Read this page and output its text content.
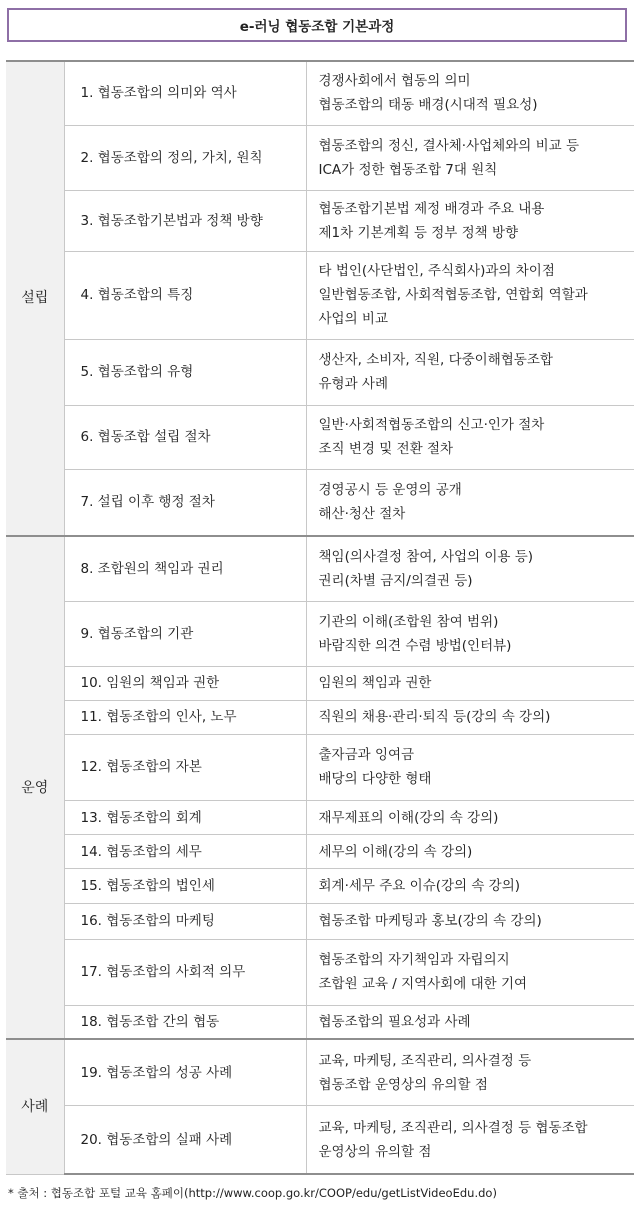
e-러닝 협동조합 기본과정
설립	1. 협동조합의 의미와 역사	경쟁사회에서 협동의 의미
협동조합의 태동 배경(시대적 필요성)

	2. 협동조합의 정의, 가치, 원칙	협동조합의 정신, 결사체·사업체와의 비교 등
ICA가 정한 협동조합 7대 원칙

	3. 협동조합기본법과 정책 방향	협동조합기본법 제정 배경과 주요 내용
제1차 기본계획 등 정부 정책 방향

	4. 협동조합의 특징	타 법인(사단법인, 주식회사)과의 차이점
일반협동조합, 사회적협동조합, 연합회 역할과
사업의 비교

	5. 협동조합의 유형	생산자, 소비자, 직원, 다중이해협동조합
유형과 사례

	6. 협동조합 설립 절차	일반·사회적협동조합의 신고·인가 절차
조직 변경 및 전환 절차

	7. 설립 이후 행정 절차	경영공시 등 운영의 공개
해산·청산 절차

운영	8. 조합원의 책임과 권리	책임(의사결정 참여, 사업의 이용 등)
권리(차별 금지/의결권 등)

	9. 협동조합의 기관	기관의 이해(조합원 참여 범위)
바람직한 의견 수렴 방법(인터뷰)

	10. 임원의 책임과 권한	임원의 책임과 권한

	11. 협동조합의 인사, 노무	직원의 채용·관리·퇴직 등(강의 속 강의)

	12. 협동조합의 자본	출자금과 잉여금
배당의 다양한 형태

	13. 협동조합의 회계	재무제표의 이해(강의 속 강의)

	14. 협동조합의 세무	세무의 이해(강의 속 강의)

	15. 협동조합의 법인세	회계·세무 주요 이슈(강의 속 강의)

	16. 협동조합의 마케팅	협동조합 마케팅과 홍보(강의 속 강의)

	17. 협동조합의 사회적 의무	협동조합의 자기책임과 자립의지
조합원 교육 / 지역사회에 대한 기여

	18. 협동조합 간의 협동	협동조합의 필요성과 사례

사례	19. 협동조합의 성공 사례	교육, 마케팅, 조직관리, 의사결정 등
협동조합 운영상의 유의할 점

	20. 협동조합의 실패 사례	교육, 마케팅, 조직관리, 의사결정 등 협동조합
운영상의 유의할 점
* 출처 : 협동조합 포털 교육 홈페이(http://www.coop.go.kr/COOP/edu/getListVideoEdu.do)
